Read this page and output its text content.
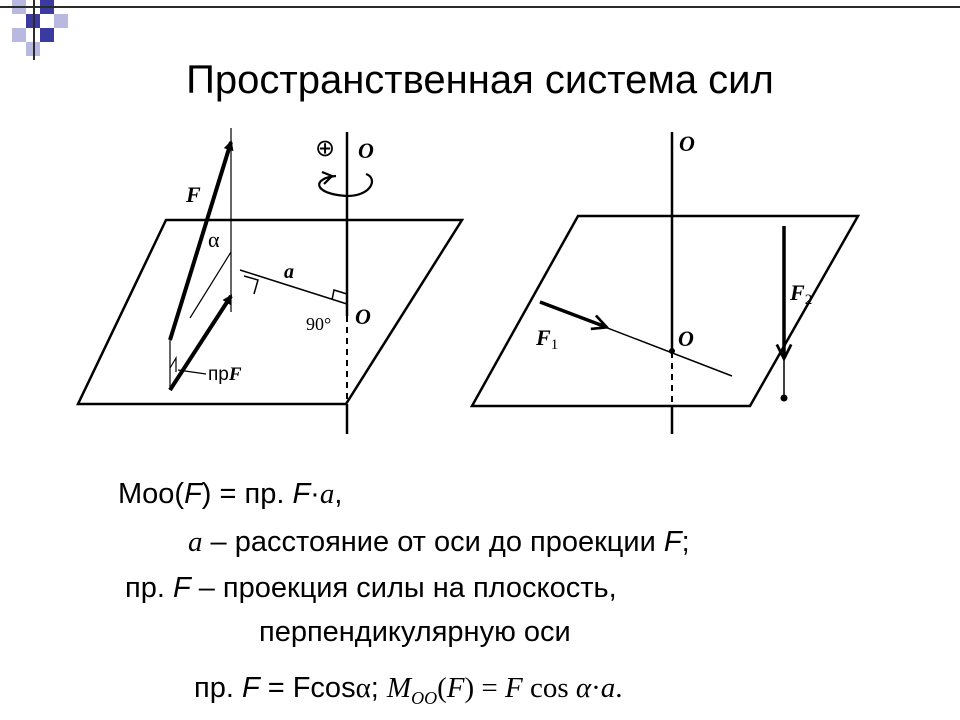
Пространственная система сил
F
α
a
90° O
O
⊕
прF
O
O
F1
F2
Mоо(F) = пр. F·a,
a – расстояние от оси до проекции F;
пр. F – проекция силы на плоскость,
перпендикулярную оси
пр. F = Fcosα; $M_{OO}(F) = F$ cos α·a.
